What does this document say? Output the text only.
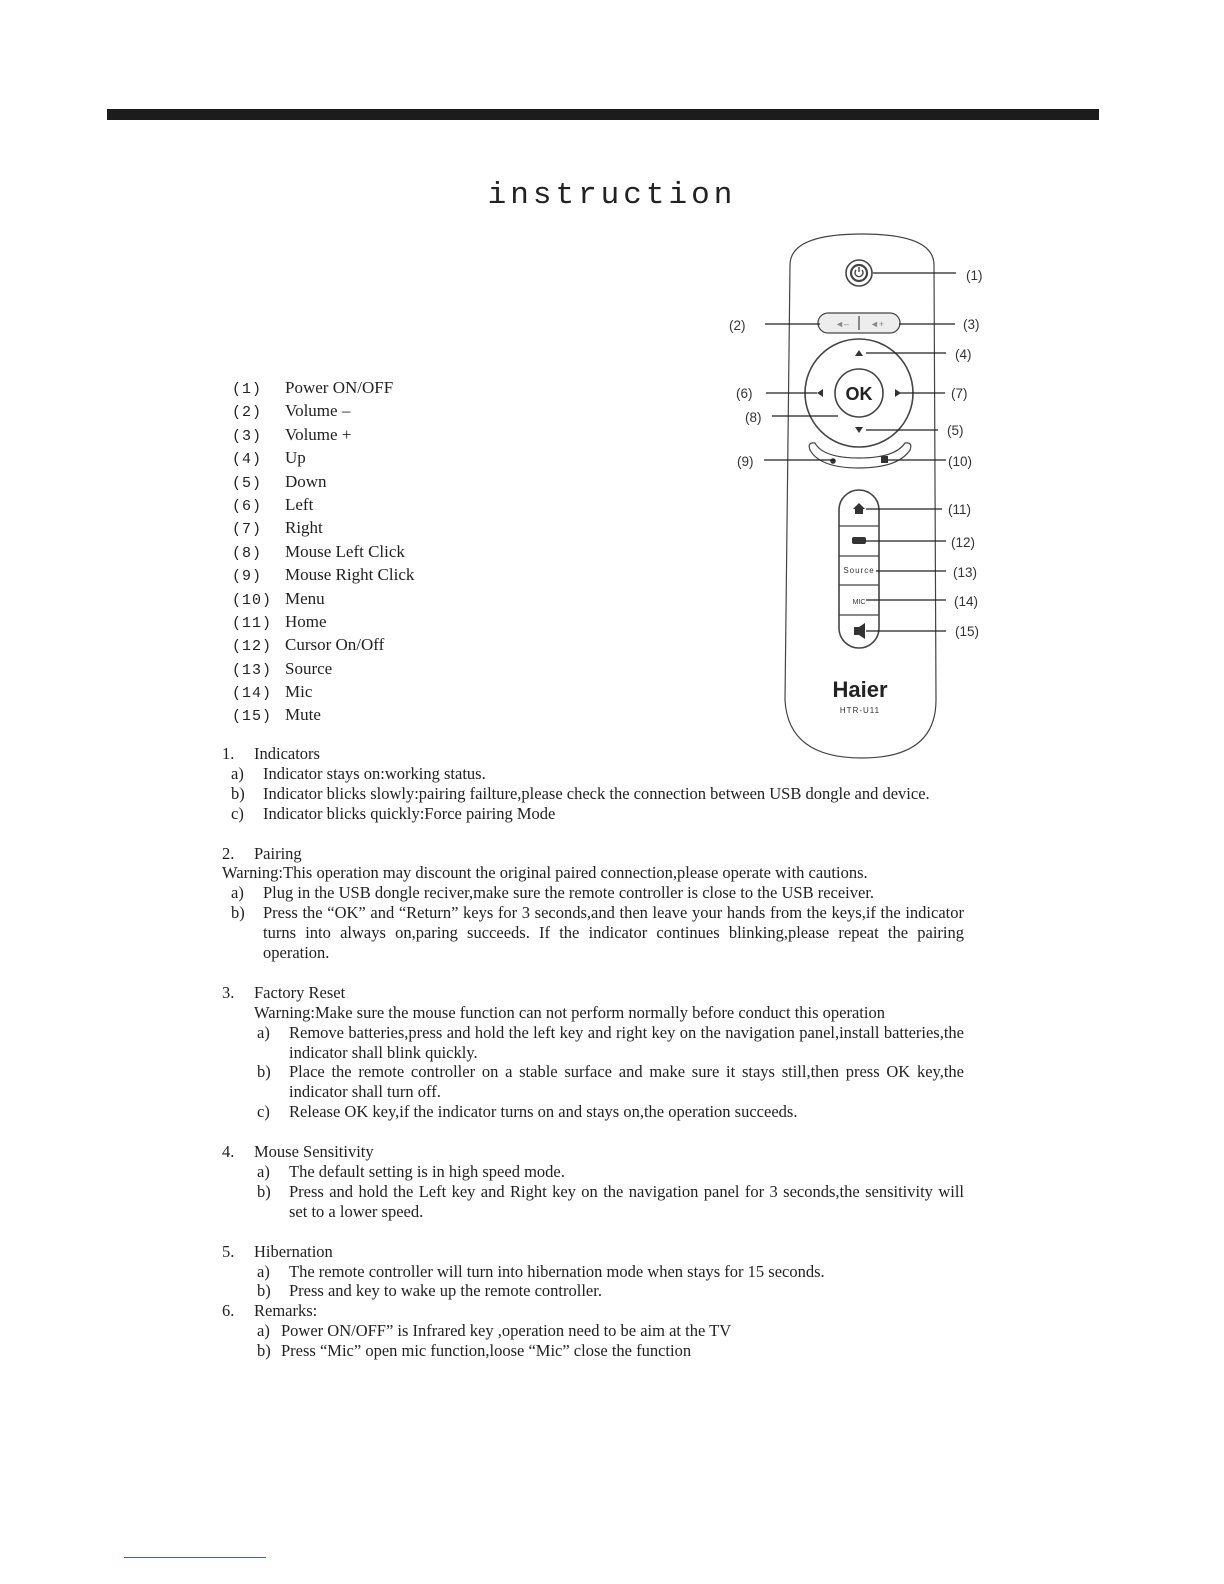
instruction
(1) Power ON/OFF
(2) Volume –
(3) Volume +
(4) Up
(5) Down
(6) Left
(7) Right
(8) Mouse Left Click
(9) Mouse Right Click
(10) Menu
(11) Home
(12) Cursor On/Off
(13) Source
(14) Mic
(15) Mute
◄– ◄+
OK
Source
MIC
Haier
HTR-U11
(1)
(2)	(3)
(4)
(5)
(6)	(7)
(8)
(9)	(10)
(11)
(12)
(13)
(14)
(15)
1.	Indicators
a)	Indicator stays on:working status.
b)	Indicator blicks slowly:pairing failture,please check the connection between USB dongle and device.
c)	Indicator blicks quickly:Force pairing Mode
2.	Pairing
Warning:This operation may discount the original paired connection,please operate with cautions.
a)	Plug in the USB dongle reciver,make sure the remote controller is close to the USB receiver.
b)	Press the “OK” and “Return” keys for 3 seconds,and then leave your hands from the keys,if the indicator turns into always on,paring succeeds. If the indicator continues blinking,please repeat the pairing operation.
3.	Factory Reset
Warning:Make sure the mouse function can not perform normally before conduct this operation
a)	Remove batteries,press and hold the left key and right key on the navigation panel,install batteries,the indicator shall blink quickly.
b)	Place the remote controller on a stable surface and make sure it stays still,then press OK key,the indicator shall turn off.
c)	Release OK key,if the indicator turns on and stays on,the operation succeeds.
4.	Mouse Sensitivity
a)	The default setting is in high speed mode.
b)	Press and hold the Left key and Right key on the navigation panel for 3 seconds,the sensitivity will set to a lower speed.
5.	Hibernation
a)	The remote controller will turn into hibernation mode when stays for 15 seconds.
b)	Press and key to wake up the remote controller.
6.	Remarks:
a) Power ON/OFF” is Infrared key ,operation need to be aim at the TV
b) Press “Mic” open mic function,loose “Mic” close the function
